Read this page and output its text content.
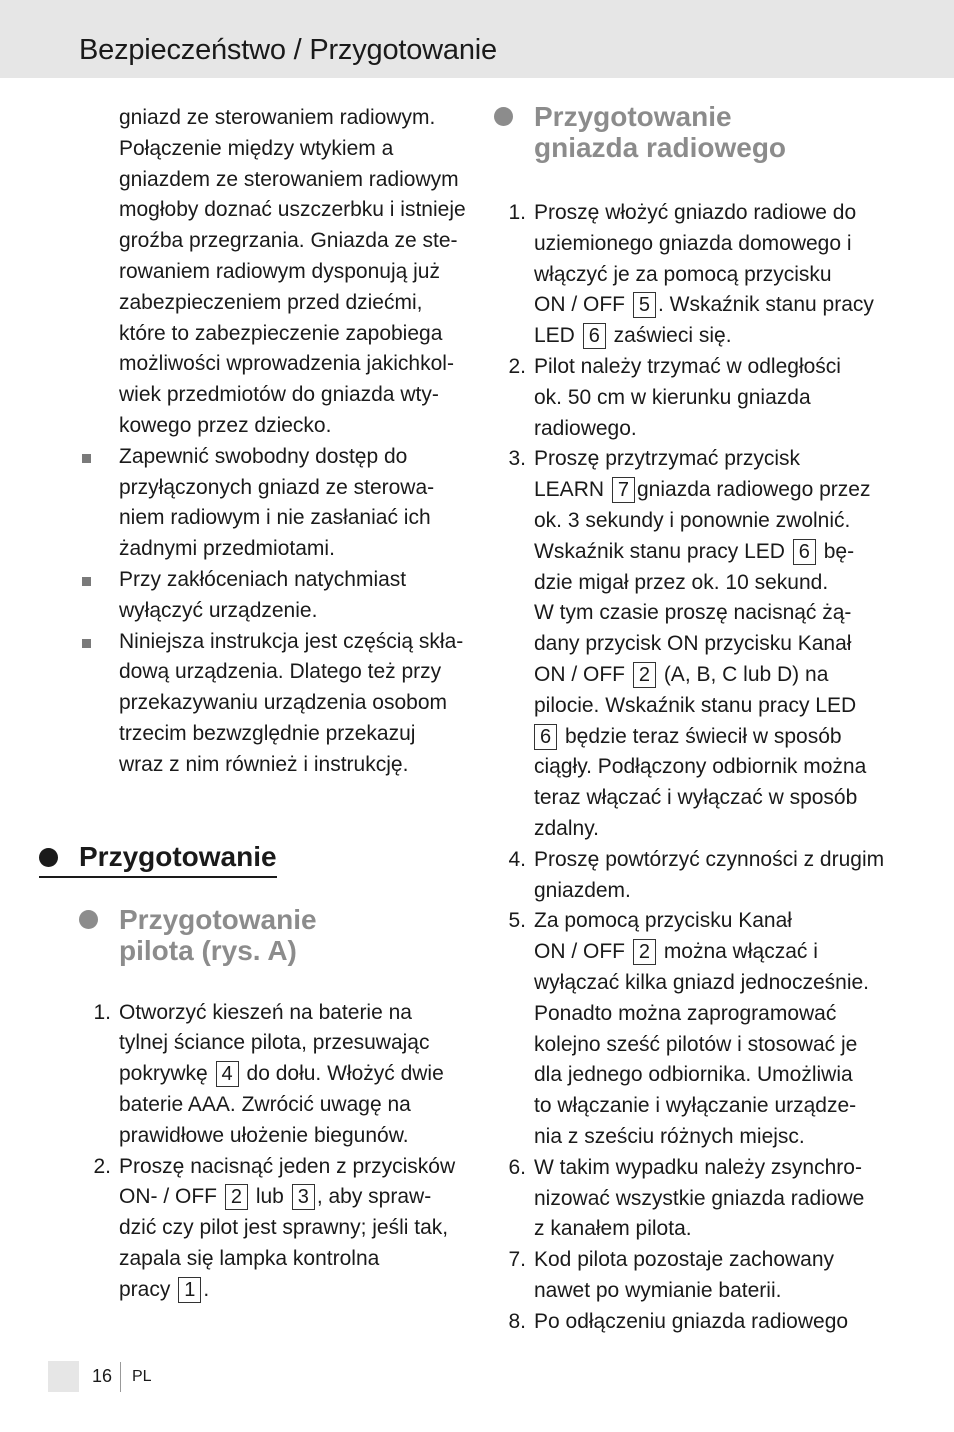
Bezpieczeństwo / Przygotowanie
gniazd ze sterowaniem radiowym.
Połączenie między wtykiem a
gniazdem ze sterowaniem radiowym
mogłoby doznać uszczerbku i istnieje
groźba przegrzania. Gniazda ze ste-
rowaniem radiowym dysponują już
zabezpieczeniem przed dziećmi,
które to zabezpieczenie zapobiega
możliwości wprowadzenia jakichkol-
wiek przedmiotów do gniazda wty-
kowego przez dziecko.
Zapewnić swobodny dostęp do
przyłączonych gniazd ze sterowa-
niem radiowym i nie zasłaniać ich
żadnymi przedmiotami.
Przy zakłóceniach natychmiast
wyłączyć urządzenie.
Niniejsza instrukcja jest częścią skła-
dową urządzenia. Dlatego też przy
przekazywaniu urządzenia osobom
trzecim bezwzględnie przekazuj
wraz z nim również i instrukcję.
Przygotowanie
Przygotowanie
pilota (rys. A)
1. Otworzyć kieszeń na baterie na
tylnej ściance pilota, przesuwając
pokrywkę 4 do dołu. Włożyć dwie
baterie AAA. Zwrócić uwagę na
prawidłowe ułożenie biegunów.
2. Proszę nacisnąć jeden z przycisków
ON- / OFF 2 lub 3 , aby spraw-
dzić czy pilot jest sprawny; jeśli tak,
zapala się lampka kontrolna
pracy 1 .
Przygotowanie
gniazda radiowego
1. Proszę włożyć gniazdo radiowe do
uziemionego gniazda domowego i
włączyć je za pomocą przycisku
ON / OFF 5 . Wskaźnik stanu pracy
LED 6 zaświeci się.
2. Pilot należy trzymać w odległości
ok. 50 cm w kierunku gniazda
radiowego.
3. Proszę przytrzymać przycisk
LEARN 7 gniazda radiowego przez
ok. 3 sekundy i ponownie zwolnić.
Wskaźnik stanu pracy LED 6 bę-
dzie migał przez ok. 10 sekund.
W tym czasie proszę nacisnąć żą-
dany przycisk ON przycisku Kanał
ON / OFF 2 (A, B, C lub D) na
pilocie. Wskaźnik stanu pracy LED
6 będzie teraz świecił w sposób
ciągły. Podłączony odbiornik można
teraz włączać i wyłączać w sposób
zdalny.
4. Proszę powtórzyć czynności z drugim
gniazdem.
5. Za pomocą przycisku Kanał
ON / OFF 2 można włączać i
wyłączać kilka gniazd jednocześnie.
Ponadto można zaprogramować
kolejno sześć pilotów i stosować je
dla jednego odbiornika. Umożliwia
to włączanie i wyłączanie urządze-
nia z sześciu różnych miejsc.
6. W takim wypadku należy zsynchro-
nizować wszystkie gniazda radiowe
z kanałem pilota.
7. Kod pilota pozostaje zachowany
nawet po wymianie baterii.
8. Po odłączeniu gniazda radiowego
16 PL
